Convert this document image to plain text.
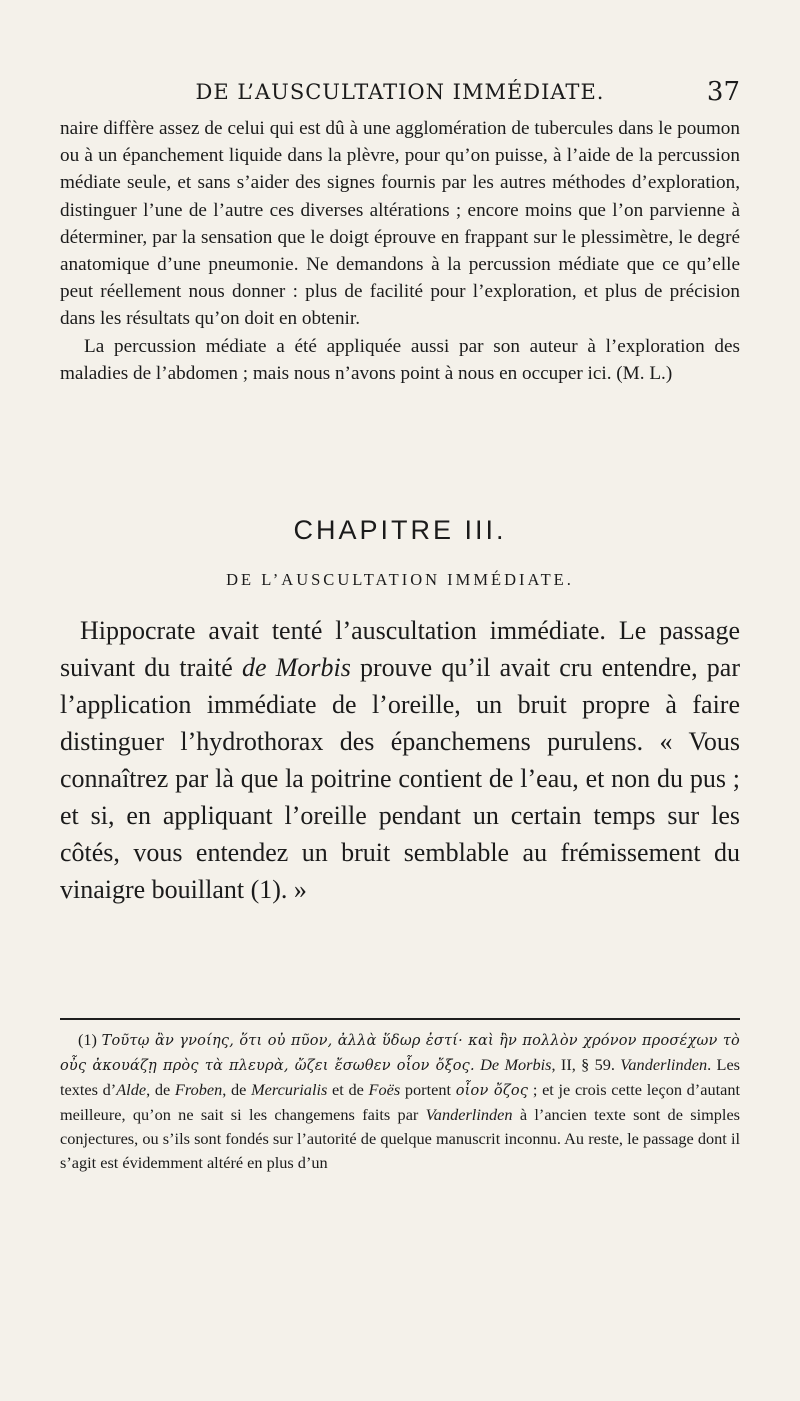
DE L’AUSCULTATION IMMÉDIATE.	37

naire diffère assez de celui qui est dû à une agglomération de tubercules dans le poumon ou à un épanchement liquide dans la plèvre, pour qu’on puisse, à l’aide de la percussion médiate seule, et sans s’aider des signes fournis par les autres méthodes d’exploration, distinguer l’une de l’autre ces diverses altérations ; encore moins que l’on parvienne à déterminer, par la sensation que le doigt éprouve en frappant sur le plessimètre, le degré anatomique d’une pneumonie. Ne demandons à la percussion médiate que ce qu’elle peut réellement nous donner : plus de facilité pour l’exploration, et plus de précision dans les résultats qu’on doit en obtenir.

La percussion médiate a été appliquée aussi par son auteur à l’exploration des maladies de l’abdomen ; mais nous n’avons point à nous en occuper ici. (M. L.)

CHAPITRE III.
DE L’AUSCULTATION IMMÉDIATE.

Hippocrate avait tenté l’auscultation immédiate. Le passage suivant du traité de Morbis prouve qu’il avait cru entendre, par l’application immédiate de l’oreille, un bruit propre à faire distinguer l’hydrothorax des épanchemens purulens. « Vous connaîtrez par là que la poitrine contient de l’eau, et non du pus ; et si, en appliquant l’oreille pendant un certain temps sur les côtés, vous entendez un bruit semblable au frémissement du vinaigre bouillant (1). »

(1) Τοῦτῳ ἂν γνοίης, ὅτι οὐ πῦον, ἀλλὰ ὕδωρ ἐστί· καὶ ἢν πολλὸν χρόνον προσέχων τὸ οὖς ἀκουάζῃ πρὸς τὰ πλευρὰ, ὤζει ἔσωθεν οἷον ὄξος. De Morbis, II, § 59. Vanderlinden. Les textes d’Alde, de Froben, de Mercurialis et de Foës portent οἷον ὄζος ; et je crois cette leçon d’autant meilleure, qu’on ne sait si les changemens faits par Vanderlinden à l’ancien texte sont de simples conjectures, ou s’ils sont fondés sur l’autorité de quelque manuscrit inconnu. Au reste, le passage dont il s’agit est évidemment altéré en plus d’un
